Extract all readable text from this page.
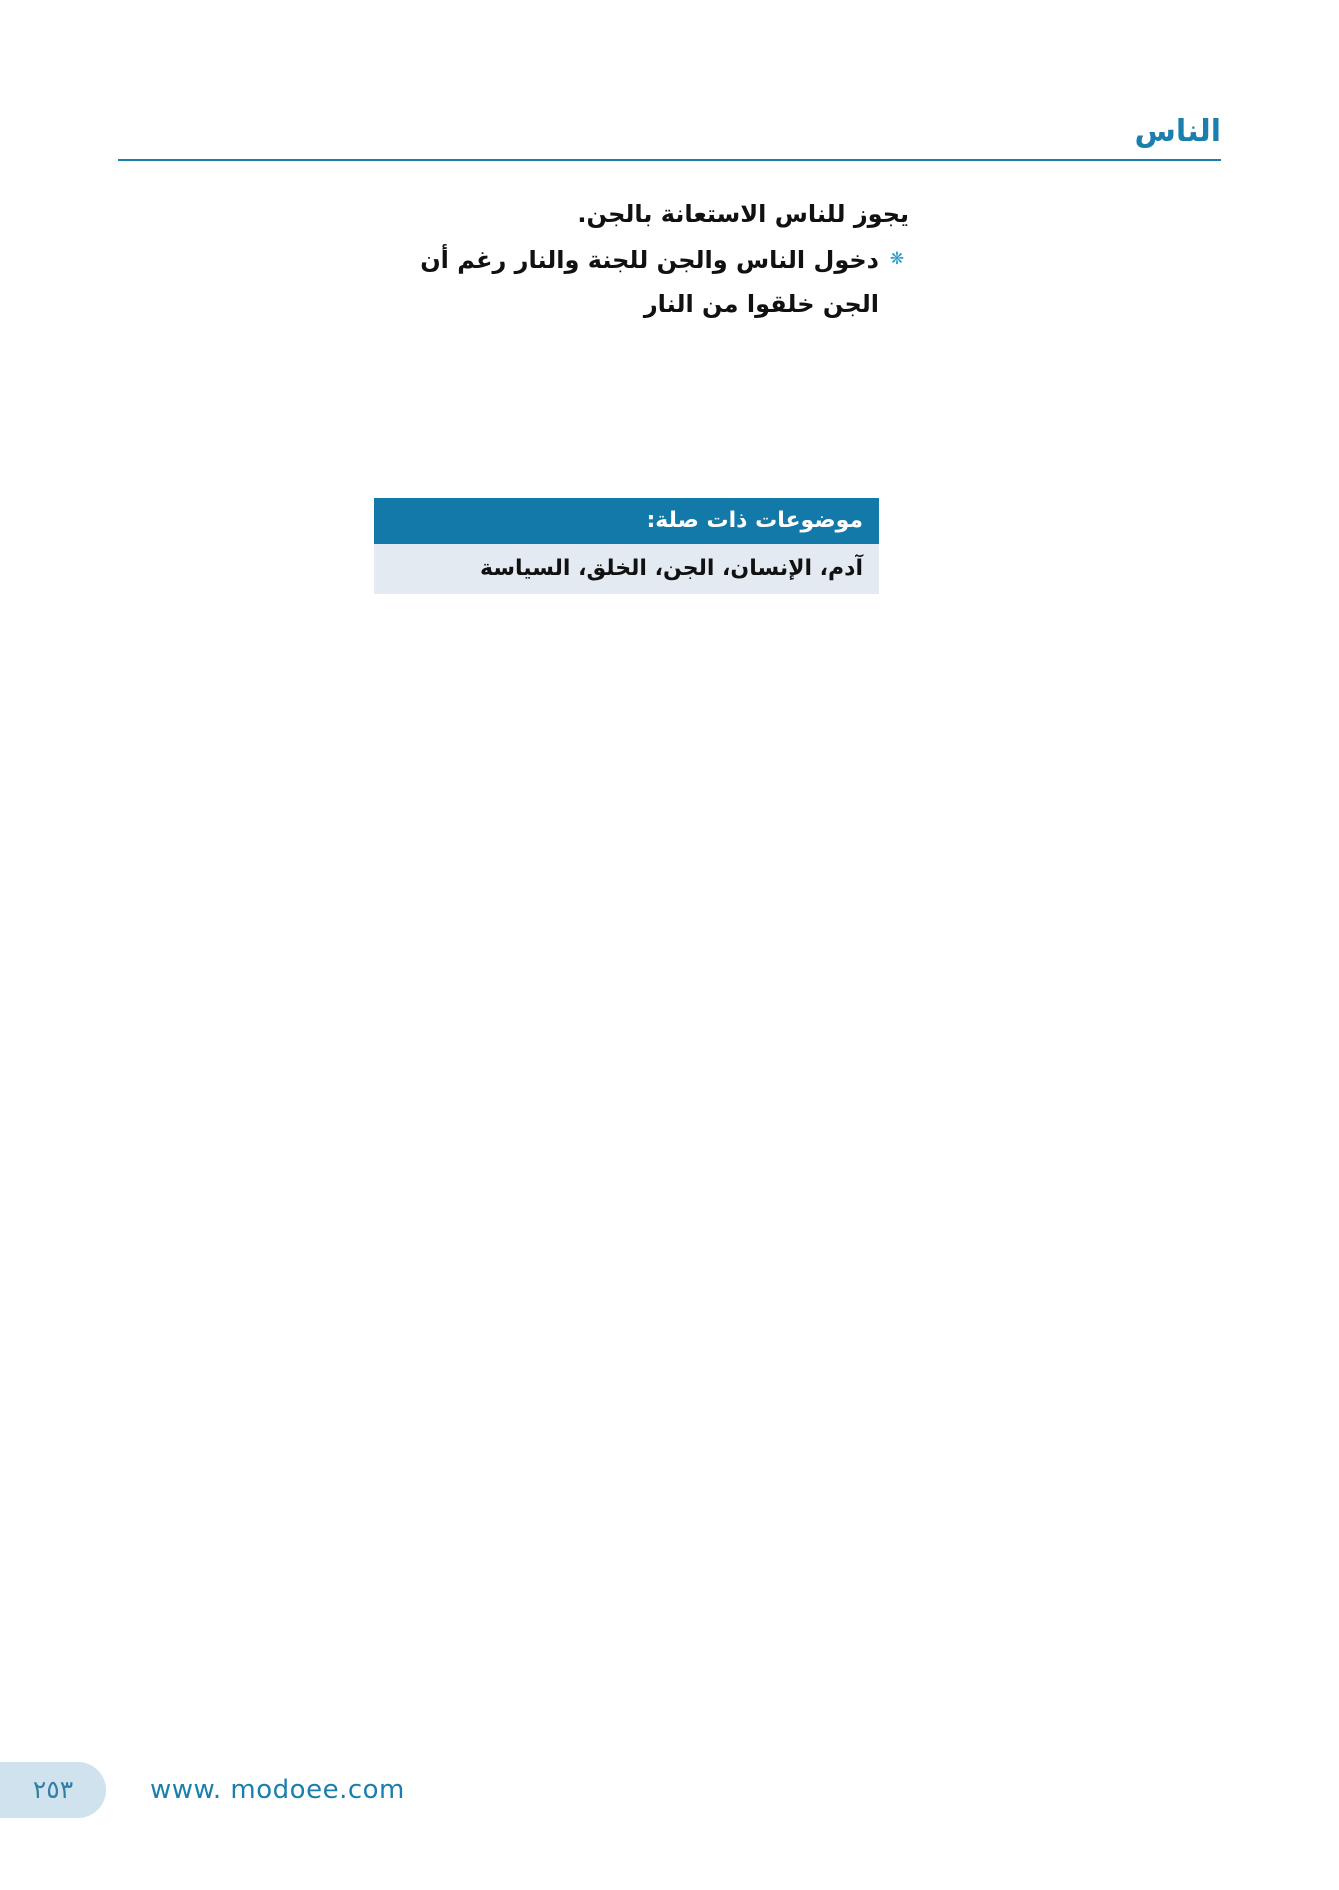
الناس

يجوز للناس الاستعانة بالجن.

❋
دخول الناس والجن للجنة والنار رغم أن الجن خلقوا من النار
موضوعات ذات صلة:
آدم، الإنسان، الجن، الخلق، السياسة
٢٥٣	www. modoee.com
